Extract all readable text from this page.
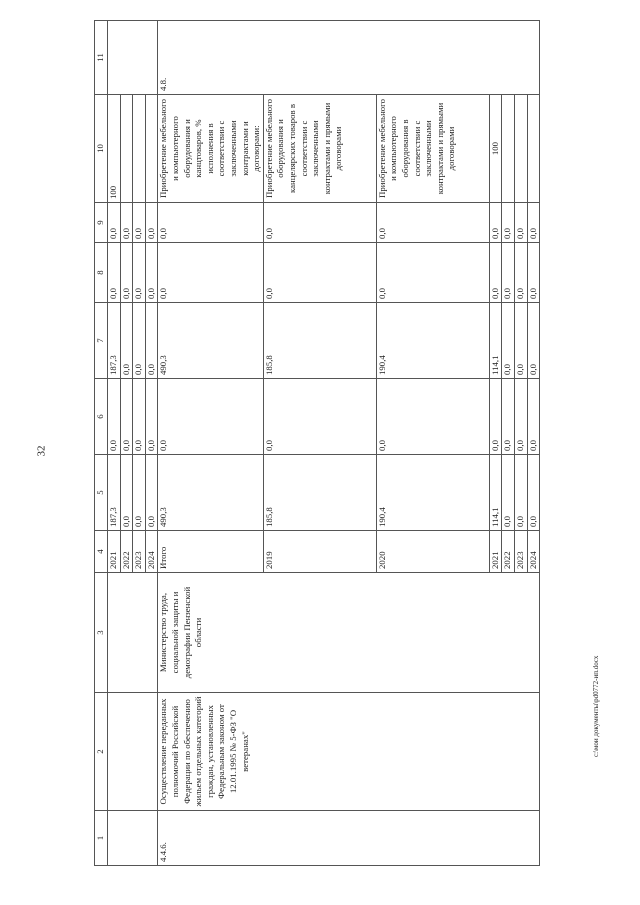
32
1	2	3	4	5	6	7	8	9	10	11
			2021	187,3	0,0	187,3	0,0	0,0	100	
			2022	0,0	0,0	0,0	0,0	0,0		
			2023	0,0	0,0	0,0	0,0	0,0		
			2024	0,0	0,0	0,0	0,0	0,0		
4.4.6.	Осуществление переданных полномочий Российской Федерации по обеспечению жильем отдельных категорий граждан, установленных Федеральным законом от 12.01.1995 № 5-ФЗ "О ветеранах"	Министерство труда, социальной защиты и демографии Пензенской области	Итого	490,3	0,0	490,3	0,0	0,0	Приобретение мебельного и компьютерного оборудования и канцтоваров, % исполнения в соответствии с заключенными контрактами и договорами:	4.8.
			2019	185,8	0,0	185,8	0,0	0,0	Приобретение мебельного оборудования и канцелярских товаров в соответствии с заключенными контрактами и прямыми договорами	
			2020	190,4	0,0	190,4	0,0	0,0	Приобретение мебельного и компьютерного оборудования в соответствии с заключенными контрактами и прямыми договорами	
			2021	114,1	0,0	114,1	0,0	0,0	100	
			2022	0,0	0,0	0,0	0,0	0,0		
			2023	0,0	0,0	0,0	0,0	0,0		
			2024	0,0	0,0	0,0	0,0	0,0		
c:\мои документы\pd0772-ип.docx
